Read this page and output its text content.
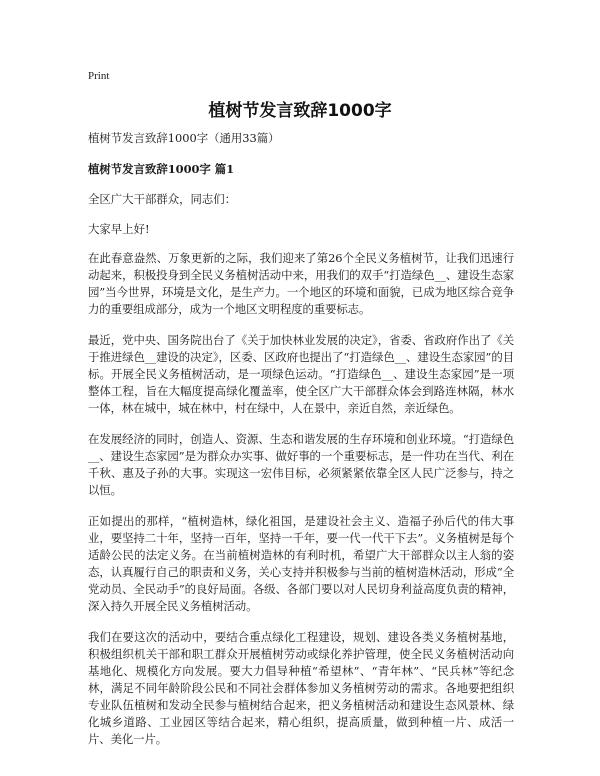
Print
植树节发言致辞1000字

植树节发言致辞1000字（通用33篇）

植树节发言致辞1000字 篇1

全区广大干部群众，同志们：

大家早上好!

在此春意盎然、万象更新的之际，我们迎来了第26个全民义务植树节，让我们迅速行动起来，积极投身到全民义务植树活动中来，用我们的双手“打造绿色__、建设生态家园”当今世界，环境是文化，是生产力。一个地区的环境和面貌，已成为地区综合竞争力的重要组成部分，成为一个地区文明程度的重要标志。

最近，党中央、国务院出台了《关于加快林业发展的决定》，省委、省政府作出了《关于推进绿色__建设的决定》，区委、区政府也提出了“打造绿色__、建设生态家园”的目标。开展全民义务植树活动，是一项绿色运动。“打造绿色__、建设生态家园”是一项整体工程，旨在大幅度提高绿化覆盖率，使全区广大干部群众体会到路连林隔，林水一体，林在城中，城在林中，村在绿中，人在景中，亲近自然，亲近绿色。

在发展经济的同时，创造人、资源、生态和谐发展的生存环境和创业环境。“打造绿色__、建设生态家园”是为群众办实事、做好事的一个重要标志，是一件功在当代、利在千秋、惠及子孙的大事。实现这一宏伟目标，必须紧紧依靠全区人民广泛参与，持之以恒。

正如提出的那样，“植树造林，绿化祖国，是建设社会主义、造福子孙后代的伟大事业，要坚持二十年，坚持一百年，坚持一千年，要一代一代干下去”。义务植树是每个适龄公民的法定义务。在当前植树造林的有利时机，希望广大干部群众以主人翁的姿态，认真履行自己的职责和义务，关心支持并积极参与当前的植树造林活动，形成“全党动员、全民动手”的良好局面。各级、各部门要以对人民切身利益高度负责的精神，深入持久开展全民义务植树活动。

我们在要这次的活动中，要结合重点绿化工程建设，规划、建设各类义务植树基地，积极组织机关干部和职工群众开展植树劳动或绿化养护管理，使全民义务植树活动向基地化、规模化方向发展。要大力倡导种植“希望林”、“青年林”、“民兵林”等纪念林，满足不同年龄阶段公民和不同社会群体参加义务植树劳动的需求。各地要把组织专业队伍植树和发动全民参与植树结合起来，把义务植树活动和建设生态风景林、绿化城乡道路、工业园区等结合起来，精心组织，提高质量，做到种植一片、成活一片、美化一片。
